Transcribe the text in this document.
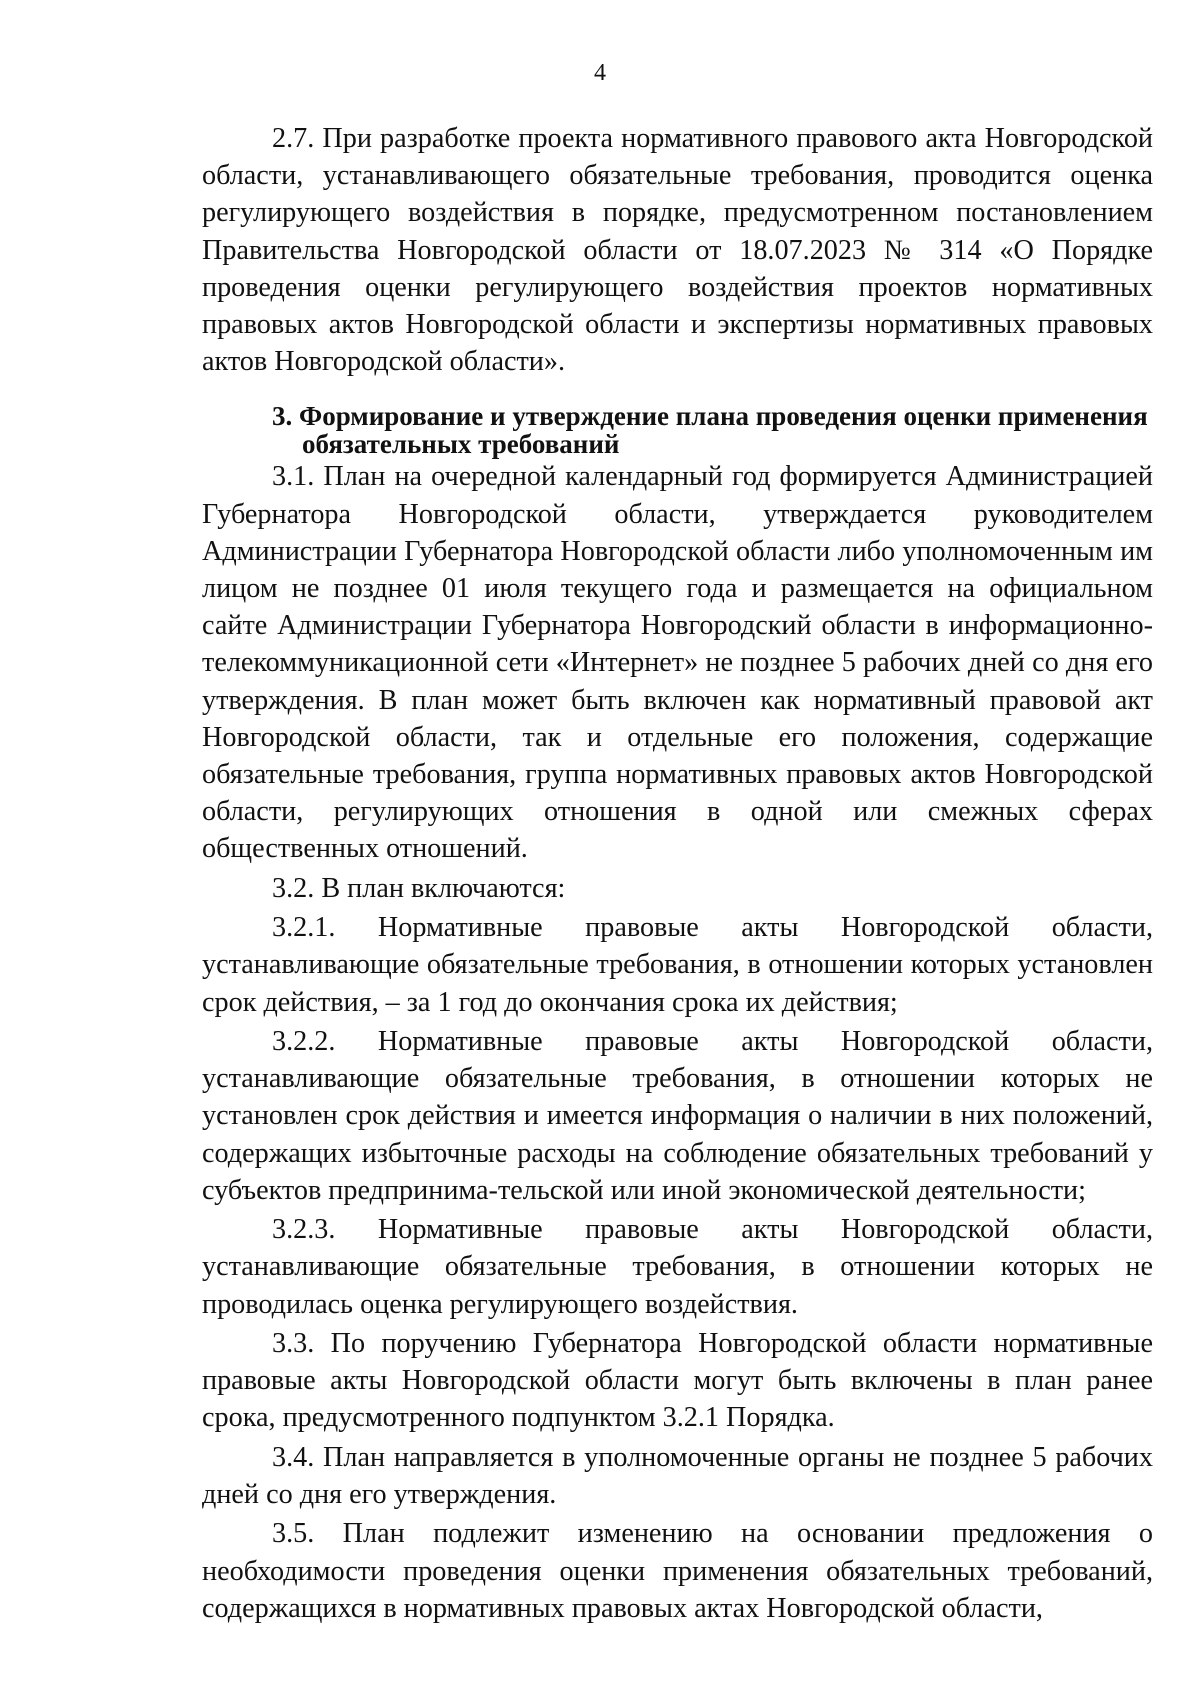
4

2.7. При разработке проекта нормативного правового акта Новгородской области, устанавливающего обязательные требования, проводится оценка регулирующего воздействия в порядке, предусмотренном постановлением Правительства Новгородской области от 18.07.2023 № 314 «О Порядке проведения оценки регулирующего воздействия проектов нормативных правовых актов Новгородской области и экспертизы нормативных правовых актов Новгородской области».

3. Формирование и утверждение плана проведения оценки применения
обязательных требований

3.1. План на очередной календарный год формируется Администрацией Губернатора Новгородской области, утверждается руководителем Администрации Губернатора Новгородской области либо уполномоченным им лицом не позднее 01 июля текущего года и размещается на официальном сайте Администрации Губернатора Новгородский области в информационно-телекоммуникационной сети «Интернет» не позднее 5 рабочих дней со дня его утверждения. В план может быть включен как нормативный правовой акт Новгородской области, так и отдельные его положения, содержащие обязательные требования, группа нормативных правовых актов Новгородской области, регулирующих отношения в одной или смежных сферах общественных отношений.

3.2. В план включаются:

3.2.1. Нормативные правовые акты Новгородской области, устанавливающие обязательные требования, в отношении которых установлен срок действия, – за 1 год до окончания срока их действия;

3.2.2. Нормативные правовые акты Новгородской области, устанавливающие обязательные требования, в отношении которых не установлен срок действия и имеется информация о наличии в них положений, содержащих избыточные расходы на соблюдение обязательных требований у субъектов предпринима-тельской или иной экономической деятельности;

3.2.3. Нормативные правовые акты Новгородской области, устанавливающие обязательные требования, в отношении которых не проводилась оценка регулирующего воздействия.

3.3. По поручению Губернатора Новгородской области нормативные правовые акты Новгородской области могут быть включены в план ранее срока, предусмотренного подпунктом 3.2.1 Порядка.

3.4. План направляется в уполномоченные органы не позднее 5 рабочих дней со дня его утверждения.

3.5. План подлежит изменению на основании предложения о необходимости проведения оценки применения обязательных требований, содержащихся в нормативных правовых актах Новгородской области,
